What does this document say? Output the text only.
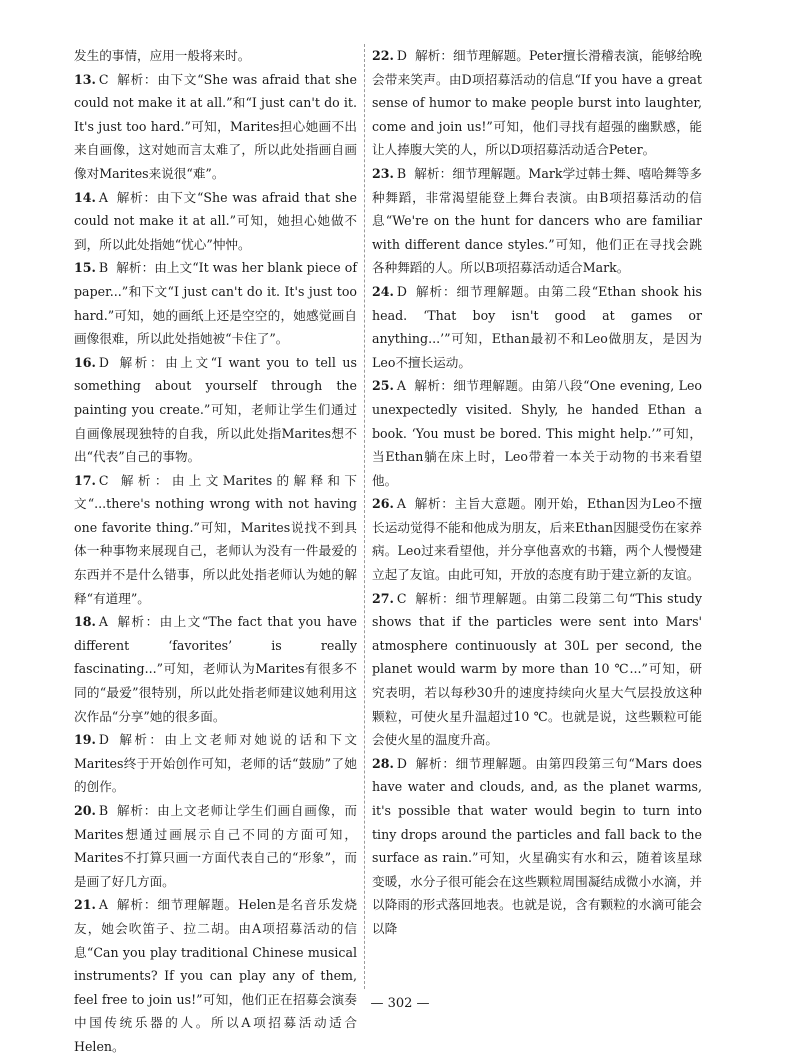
发生的事情，应用一般将来时。

13. C 解析：由下文“She was afraid that she could not make it at all.”和“I just can't do it. It's just too hard.”可知，Marites担心她画不出来自画像，这对她而言太难了，所以此处指画自画像对Marites来说很“难”。

14. A 解析：由下文“She was afraid that she could not make it at all.”可知，她担心她做不到，所以此处指她“忧心”忡忡。

15. B 解析：由上文“It was her blank piece of paper...”和下文“I just can't do it. It's just too hard.”可知，她的画纸上还是空空的，她感觉画自画像很难，所以此处指她被“卡住了”。

16. D 解析：由上文“I want you to tell us something about yourself through the painting you create.”可知，老师让学生们通过自画像展现独特的自我，所以此处指Marites想不出“代表”自己的事物。

17. C 解析：由上文Marites的解释和下文“...there's nothing wrong with not having one favorite thing.”可知，Marites说找不到具体一种事物来展现自己，老师认为没有一件最爱的东西并不是什么错事，所以此处指老师认为她的解释“有道理”。

18. A 解析：由上文“The fact that you have different ‘favorites’ is really fascinating...”可知，老师认为Marites有很多不同的“最爱”很特别，所以此处指老师建议她利用这次作品“分享”她的很多面。

19. D 解析：由上文老师对她说的话和下文Marites终于开始创作可知，老师的话“鼓励”了她的创作。

20. B 解析：由上文老师让学生们画自画像，而Marites想通过画展示自己不同的方面可知，Marites不打算只画一方面代表自己的“形象”，而是画了好几方面。

21. A 解析：细节理解题。Helen是名音乐发烧友，她会吹笛子、拉二胡。由A项招募活动的信息“Can you play traditional Chinese musical instruments? If you can play any of them, feel free to join us!”可知，他们正在招募会演奏中国传统乐器的人。所以A项招募活动适合Helen。

22. D 解析：细节理解题。Peter擅长滑稽表演，能够给晚会带来笑声。由D项招募活动的信息“If you have a great sense of humor to make people burst into laughter, come and join us!”可知，他们寻找有超强的幽默感，能让人捧腹大笑的人，所以D项招募活动适合Peter。

23. B 解析：细节理解题。Mark学过韩士舞、嘻哈舞等多种舞蹈，非常渴望能登上舞台表演。由B项招募活动的信息“We're on the hunt for dancers who are familiar with different dance styles.”可知，他们正在寻找会跳各种舞蹈的人。所以B项招募活动适合Mark。

24. D 解析：细节理解题。由第二段“Ethan shook his head. ‘That boy isn't good at games or anything...’”可知，Ethan最初不和Leo做朋友，是因为Leo不擅长运动。

25. A 解析：细节理解题。由第八段“One evening, Leo unexpectedly visited. Shyly, he handed Ethan a book. ‘You must be bored. This might help.’”可知，当Ethan躺在床上时，Leo带着一本关于动物的书来看望他。

26. A 解析：主旨大意题。刚开始，Ethan因为Leo不擅长运动觉得不能和他成为朋友，后来Ethan因腿受伤在家养病。Leo过来看望他，并分享他喜欢的书籍，两个人慢慢建立起了友谊。由此可知，开放的态度有助于建立新的友谊。

27. C 解析：细节理解题。由第二段第二句“This study shows that if the particles were sent into Mars' atmosphere continuously at 30L per second, the planet would warm by more than 10 ℃...”可知，研究表明，若以每秒30升的速度持续向火星大气层投放这种颗粒，可使火星升温超过10 ℃。也就是说，这些颗粒可能会使火星的温度升高。

28. D 解析：细节理解题。由第四段第三句“Mars does have water and clouds, and, as the planet warms, it's possible that water would begin to turn into tiny drops around the particles and fall back to the surface as rain.”可知，火星确实有水和云，随着该星球变暖，水分子很可能会在这些颗粒周围凝结成微小水滴，并以降雨的形式落回地表。也就是说，含有颗粒的水滴可能会以降

— 302 —
